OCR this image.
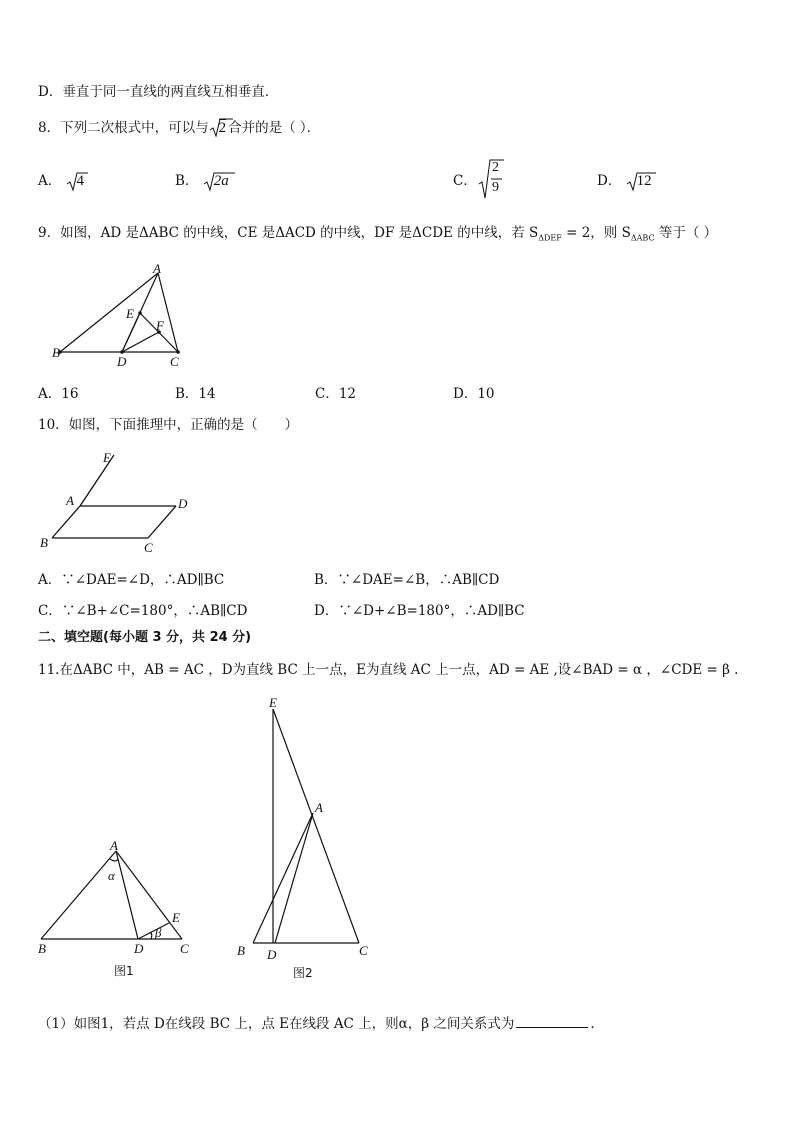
D．垂直于同一直线的两直线互相垂直．
8．下列二次根式中，可以与 2 合并的是（ ）．
A． 4	B． 2a	C．
2
9	D． 12
9．如图，AD 是ΔABC 的中线，CE 是ΔACD 的中线，DF 是ΔCDE 的中线，若 $S_{\Delta DEF} = 2$，则 $S_{\Delta ABC}$ 等于（ ）
A
E
F
B
D	C
A．16	B．14	C．12	D．10
10．如图，下面推理中，正确的是（　　）
E
A	D
B	C
A．∵∠DAE=∠D，∴AD∥BC	B．∵∠DAE=∠B，∴AB∥CD
C．∵∠B+∠C=180°，∴AB∥CD	D．∵∠D+∠B=180°，∴AD∥BC
二、填空题(每小题 3 分，共 24 分)
11.在ΔABC 中，AB = AC ，D为直线 BC 上一点，E为直线 AC 上一点，AD = AE ,设∠BAD = α ，∠CDE = β .
A
α
E
β
B	D	C
图1
E
A
B D	C
图2
（1）如图1，若点 D在线段 BC 上，点 E在线段 AC 上，则α，β 之间关系式为	.
